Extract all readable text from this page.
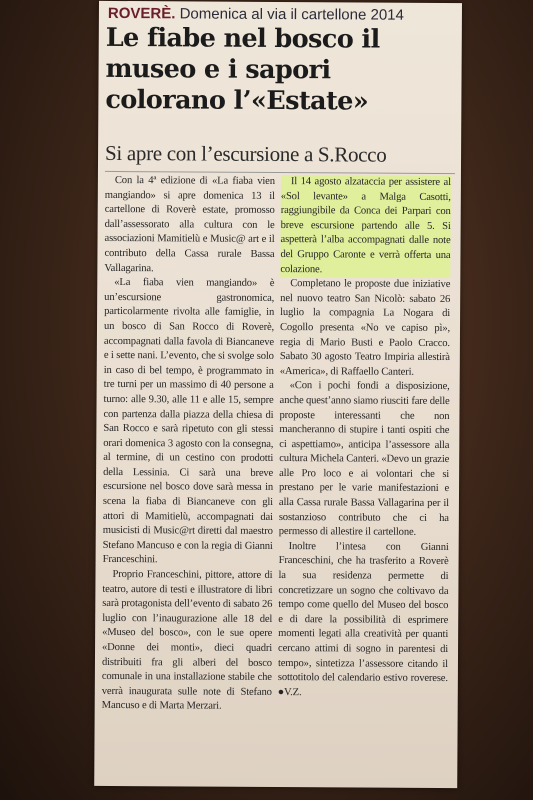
ROVERÈ. Domenica al via il cartellone 2014
Le fiabe nel bosco il museo e i sapori colorano l’«Estate»
Si apre con l’escursione a S.Rocco

Con la 4ª edizione di «La fiaba vien mangiando» si apre domenica 13 il cartellone di Roverè estate, promosso dall’assessorato alla cultura con le associazioni Mamitielù e Music@ art e il contributo della Cassa rurale Bassa Vallagarina.

«La fiaba vien mangiando» è un’escursione gastronomica, particolarmente rivolta alle famiglie, in un bosco di San Rocco di Roverè, accompagnati dalla favola di Biancaneve e i sette nani. L’evento, che si svolge solo in caso di bel tempo, è programmato in tre turni per un massimo di 40 persone a turno: alle 9.30, alle 11 e alle 15, sempre con partenza dalla piazza della chiesa di San Rocco e sarà ripetuto con gli stessi orari domenica 3 agosto con la consegna, al termine, di un cestino con prodotti della Lessinia. Ci sarà una breve escursione nel bosco dove sarà messa in scena la fiaba di Biancaneve con gli attori di Mamitielù, accompagnati dai musicisti di Music@rt diretti dal maestro Stefano Mancuso e con la regia di Gianni Franceschini.

Proprio Franceschini, pittore, attore di teatro, autore di testi e illustratore di libri sarà protagonista dell’evento di sabato 26 luglio con l’inaugurazione alle 18 del «Museo del bosco», con le sue opere «Donne dei monti», dieci quadri distribuiti fra gli alberi del bosco comunale in una installazione stabile che verrà inaugurata sulle note di Stefano Mancuso e di Marta Merzari.

Il 14 agosto alzataccia per assistere al «Sol levante» a Malga Casotti, raggiungibile da Conca dei Parpari con breve escursione partendo alle 5. Si aspetterà l’alba accompagnati dalle note del Gruppo Caronte e verrà offerta una colazione.

Completano le proposte due iniziative nel nuovo teatro San Nicolò: sabato 26 luglio la compagnia La Nogara di Cogollo presenta «No ve capiso pì», regia di Mario Busti e Paolo Cracco. Sabato 30 agosto Teatro Impiria allestirà «America», di Raffaello Canteri.

«Con i pochi fondi a disposizione, anche quest’anno siamo riusciti fare delle proposte interessanti che non mancheranno di stupire i tanti ospiti che ci aspettiamo», anticipa l’assessore alla cultura Michela Canteri. «Devo un grazie alle Pro loco e ai volontari che si prestano per le varie manifestazioni e alla Cassa rurale Bassa Vallagarina per il sostanzioso contributo che ci ha permesso di allestire il cartellone.

Inoltre l’intesa con Gianni Franceschini, che ha trasferito a Roverè la sua residenza permette di concretizzare un sogno che coltivavo da tempo come quello del Museo del bosco e di dare la possibilità di esprimere momenti legati alla creatività per quanti cercano attimi di sogno in parentesi di tempo», sintetizza l’assessore citando il sottotitolo del calendario estivo roverese. ●V.Z.
